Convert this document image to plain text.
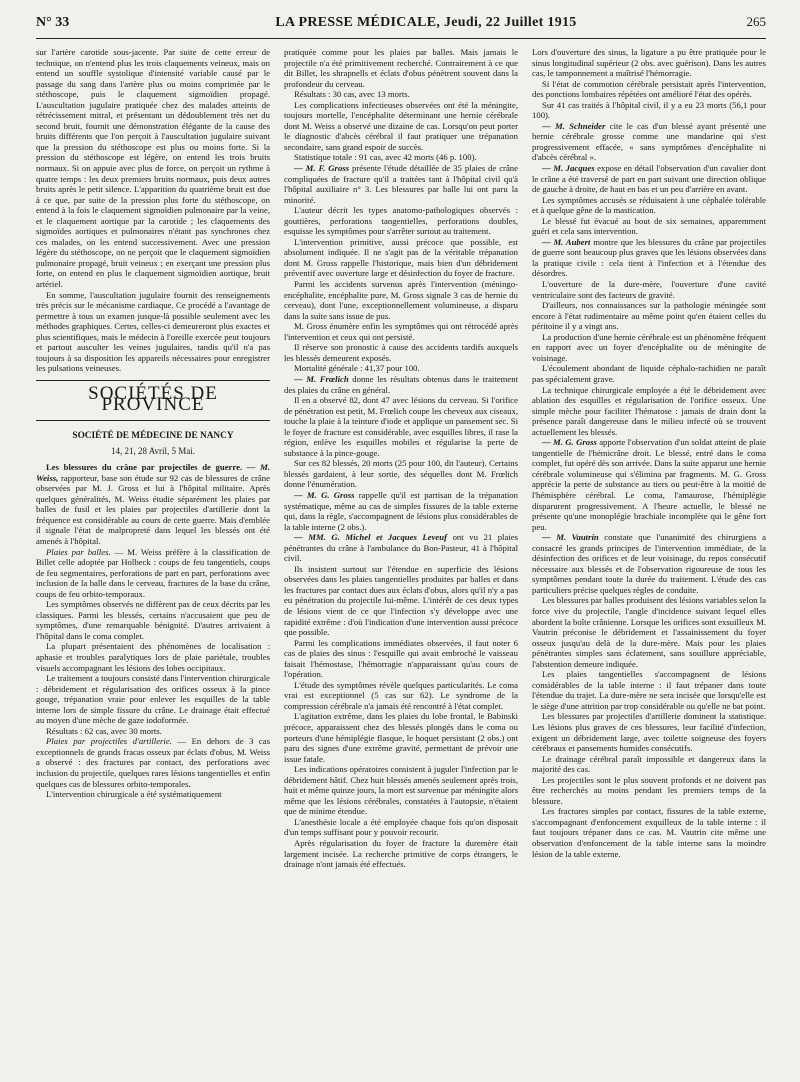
N° 33	LA PRESSE MÉDICALE, Jeudi, 22 Juillet 1915	265

sur l'artère carotide sous-jacente. Par suite de cette erreur de technique, on n'entend plus les trois claquements veineux, mais on entend un souffle systolique d'intensité variable causé par le passage du sang dans l'artère plus ou moins comprimée par le stéthoscope, puis le claquement sigmoïdien propagé. L'auscultation jugulaire pratiquée chez des malades atteints de rétrécissement mitral, et présentant un dédoublement très net du second bruit, fournit une démonstration élégante de la cause des bruits différents que l'on perçoit à l'auscultation jugulaire suivant que la pression du stéthoscope est plus ou moins forte. Si la pression du stéthoscope est légère, on entend les trois bruits normaux. Si on appuie avec plus de force, on perçoit un rythme à quatre temps : les deux premiers bruits normaux, puis deux autres bruits après le petit silence. L'apparition du quatrième bruit est due à ce que, par suite de la pression plus forte du stéthoscope, on entend à la fois le claquement sigmoïdien pulmonaire par la veine, et le claquement aortique par la carotide ; les claquements des sigmoïdes aortiques et pulmonaires n'étant pas synchrones chez ces malades, on les entend successivement. Avec une pression légère du stéthoscope, on ne perçoit que le claquement sigmoïdien pulmonaire propagé, bruit veineux ; en exerçant une pression plus forte, on entend en plus le claquement sigmoïdien aortique, bruit artériel.

En somme, l'auscultation jugulaire fournit des renseignements très précis sur le mécanisme cardiaque. Ce procédé a l'avantage de permettre à tous un examen jusque-là possible seulement avec les méthodes graphiques. Certes, celles-ci demeureront plus exactes et plus scientifiques, mais le médecin à l'oreille exercée peut toujours et partout ausculter les veines jugulaires, tandis qu'il n'a pas toujours à sa disposition les appareils nécessaires pour enregistrer les pulsations veineuses.

SOCIÉTÉS DE PROVINCE
SOCIÉTÉ DE MÉDECINE DE NANCY
14, 21, 28 Avril, 5 Mai.

Les blessures du crâne par projectiles de guerre. — M. Weiss, rapporteur, base son étude sur 92 cas de blessures de crâne observées par M. J. Gross et lui à l'hôpital militaire. Après quelques généralités, M. Weiss étudie séparément les plaies par balles de fusil et les plaies par projectiles d'artillerie dont la fréquence est considérable au cours de cette guerre. Mais d'emblée il signale l'état de malpropreté dans lequel les blessés ont été amenés à l'hôpital.

Plaies par balles. — M. Weiss préfère à la classification de Billet celle adoptée par Holbeck : coups de feu tangentiels, coups de feu segmentaires, perforations de part en part, perforations avec inclusion de la balle dans le cerveau, fractures de la base du crâne, coups de feu orbito-temporaux.

Les symptômes observés ne diffèrent pas de ceux décrits par les classiques. Parmi les blessés, certains n'accusaient que peu de symptômes, d'une remarquable bénignité. D'autres arrivaient à l'hôpital dans le coma complet.

La plupart présentaient des phénomènes de localisation : aphasie et troubles paralytiques lors de plaie pariétale, troubles visuels accompagnant les lésions des lobes occipitaux.

Le traitement a toujours consisté dans l'intervention chirurgicale : débridement et régularisation des orifices osseux à la pince gouge, trépanation vraie pour enlever les esquilles de la table interne lors de simple fissure du crâne. Le drainage était effectué au moyen d'une mèche de gaze iodoformée.

Résultats : 62 cas, avec 30 morts.

Plaies par projectiles d'artillerie. — En dehors de 3 cas exceptionnels de grands fracas osseux par éclats d'obus, M. Weiss a observé : des fractures par contact, des perforations avec inclusion du projectile, quelques rares lésions tangentielles et enfin quelques cas de blessures orbito-temporales.

L'intervention chirurgicale a été systématiquement

pratiquée comme pour les plaies par balles. Mais jamais le projectile n'a été primitivement recherché. Contrairement à ce que dit Billet, les shrapnells et éclats d'obus pénètrent souvent dans la profondeur du cerveau.

Résultats : 30 cas, avec 13 morts.

Les complications infectieuses observées ont été la méningite, toujours mortelle, l'encéphalite déterminant une hernie cérébrale dont M. Weiss a observé une dizaine de cas. Lorsqu'on peut porter le diagnostic d'abcès cérébral il faut pratiquer une trépanation secondaire, sans grand espoir de succès.

Statistique totale : 91 cas, avec 42 morts (46 p. 100).

— M. F. Gross présente l'étude détaillée de 35 plaies de crâne compliquées de fracture qu'il a traitées tant à l'hôpital civil qu'à l'hôpital auxiliaire n° 3. Les blessures par balle lui ont paru la minorité.

L'auteur décrit les types anatomo-pathologiques observés : gouttières, perforations tangentielles, perforations doubles, esquisse les symptômes pour s'arrêter surtout au traitement.

L'intervention primitive, aussi précoce que possible, est absolument indiquée. Il ne s'agit pas de la véritable trépanation dont M. Gross rappelle l'historique, mais bien d'un débridement préventif avec ouverture large et désinfection du foyer de fracture.

Parmi les accidents survenus après l'intervention (méningo-encéphalite, encéphalite pure, M. Gross signale 3 cas de hernie du cerveau), dont l'une, exceptionnellement volumineuse, a disparu dans la suite sans issue de pus.

M. Gross énumère enfin les symptômes qui ont rétrocédé après l'intervention et ceux qui ont persisté.

Il réserve son pronostic à cause des accidents tardifs auxquels les blessés demeurent exposés.

Mortalité générale : 41,37 pour 100.

— M. Frœlich donne les résultats obtenus dans le traitement des plaies du crâne en général.

Il en a observé 82, dont 47 avec lésions du cerveau. Si l'orifice de pénétration est petit, M. Frœlich coupe les cheveux aux ciseaux, touche la plaie à la teinture d'iode et applique un pansement sec. Si le foyer de fracture est considérable, avec esquilles libres, il rase la région, enlève les esquilles mobiles et régularise la perte de substance à la pince-gouge.

Sur ces 82 blessés, 20 morts (25 pour 100, dit l'auteur). Certains blessés gardaient, à leur sortie, des séquelles dont M. Frœlich donne l'énumération.

— M. G. Gross rappelle qu'il est partisan de la trépanation systématique, même au cas de simples fissures de la table externe qui, dans la règle, s'accompagnent de lésions plus considérables de la table interne (2 obs.).

— MM. G. Michel et Jacques Leveuf ont vu 21 plaies pénétrantes du crâne à l'ambulance du Bon-Pasteur, 41 à l'hôpital civil.

Ils insistent surtout sur l'étendue en superficie des lésions observées dans les plaies tangentielles produites par balles et dans les fractures par contact dues aux éclats d'obus, alors qu'il n'y a pas eu pénétration du projectile lui-même. L'intérêt de ces deux types de lésions vient de ce que l'infection s'y développe avec une rapidité extrême : d'où l'indication d'une intervention aussi précoce que possible.

Parmi les complications immédiates observées, il faut noter 6 cas de plaies des sinus : l'esquille qui avait embroché le vaisseau faisait l'hémostase, l'hémorragie n'apparaissant qu'au cours de l'opération.

L'étude des symptômes révèle quelques particularités. Le coma vrai est exceptionnel (5 cas sur 62). Le syndrome de la compression cérébrale n'a jamais été rencontré à l'état complet.

L'agitation extrême, dans les plaies du lobe frontal, le Babinski précoce, apparaissent chez des blessés plongés dans le coma ou porteurs d'une hémiplégie flasque, le hoquet persistant (2 obs.) ont paru des signes d'une extrême gravité, permettant de prévoir une issue fatale.

Les indications opératoires consistent à juguler l'infection par le débridement hâtif. Chez huit blessés amenés seulement après trois, huit et même quinze jours, la mort est survenue par méningite alors même que les lésions cérébrales, constatées à l'autopsie, n'étaient que de minime étendue.

L'anesthésie locale a été employée chaque fois qu'on disposait d'un temps suffisant pour y pouvoir recourir.

Après régularisation du foyer de fracture la duremère était largement incisée. La recherche primitive de corps étrangers, le drainage n'ont jamais été effectués.

Lors d'ouverture des sinus, la ligature a pu être pratiquée pour le sinus longitudinal supérieur (2 obs. avec guérison). Dans les autres cas, le tamponnement a maîtrisé l'hémorragie.

Si l'état de commotion cérébrale persistait après l'intervention, des ponctions lombaires répétées ont amélioré l'état des opérés.

Sur 41 cas traités à l'hôpital civil, il y a eu 23 morts (56,1 pour 100).

— M. Schneider cite le cas d'un blessé ayant présenté une hernie cérébrale grosse comme une mandarine qui s'est progressivement effacée, « sans symptômes d'encéphalite ni d'abcès cérébral ».

— M. Jacques expose en détail l'observation d'un cavalier dont le crâne a été traversé de part en part suivant une direction oblique de gauche à droite, de haut en bas et un peu d'arrière en avant.

Les symptômes accusés se réduisaient à une céphalée tolérable et à quelque gêne de la mastication.

Le blessé fut évacué au bout de six semaines, apparemment guéri et cela sans intervention.

— M. Aubert montre que les blessures du crâne par projectiles de guerre sont beaucoup plus graves que les lésions observées dans la pratique civile : cela tient à l'infection et à l'étendue des désordres.

L'ouverture de la dure-mère, l'ouverture d'une cavité ventriculaire sont des facteurs de gravité.

D'ailleurs, nos connaissances sur la pathologie méningée sont encore à l'état rudimentaire au même point qu'en étaient celles du péritoine il y a vingt ans.

La production d'une hernie cérébrale est un phénomène fréquent en rapport avec un foyer d'encéphalite ou de méningite de voisinage.

L'écoulement abondant de liquide céphalo-rachidien ne paraît pas spécialement grave.

La technique chirurgicale employée a été le débridement avec ablation des esquilles et régularisation de l'orifice osseux. Une simple mèche pour faciliter l'hématose : jamais de drain dont la présence paraît dangereuse dans le milieu infecté où se trouvent actuellement les blessés.

— M. G. Gross apporte l'observation d'un soldat atteint de plaie tangentielle de l'hémicrâne droit. Le blessé, entré dans le coma complet, fut opéré dès son arrivée. Dans la suite apparut une hernie cérébrale volumineuse qui s'élimina par fragments. M. G. Gross apprécie la perte de substance au tiers ou peut-être à la moitié de l'hémisphère cérébral. Le coma, l'amaurose, l'hémiplégie disparurent progressivement. A l'heure actuelle, le blessé ne présente qu'une monoplégie brachiale incomplète qui le gêne fort peu.

— M. Vautrin constate que l'unanimité des chirurgiens a consacré les grands principes de l'intervention immédiate, de la désinfection des orifices et de leur voisinage, du repos consécutif nécessaire aux blessés et de l'observation rigoureuse de tous les symptômes pendant toute la durée du traitement. L'étude des cas particuliers précise quelques règles de conduite.

Les blessures par balles produisent des lésions variables selon la force vive du projectile, l'angle d'incidence suivant lequel elles abordent la boîte crânienne. Lorsque les orifices sont exsuilleux M. Vautrin préconise le débridement et l'assainissement du foyer osseux jusqu'au delà de la dure-mère. Mais pour les plaies pénétrantes simples sans éclatement, sans souillure appréciable, l'abstention demeure indiquée.

Les plaies tangentielles s'accompagnent de lésions considérables de la table interne : il faut trépaner dans toute l'étendue du trajet. La dure-mère ne sera incisée que lorsqu'elle est le siège d'une attrition par trop considérable ou qu'elle ne bat point.

Les blessures par projectiles d'artillerie dominent la statistique. Les lésions plus graves de ces blessures, leur facilité d'infection, exigent un débridement large, avec toilette soigneuse des foyers cérébraux et pansements humides consécutifs.

Le drainage cérébral paraît impossible et dangereux dans la majorité des cas.

Les projectiles sont le plus souvent profonds et ne doivent pas être recherchés au moins pendant les premiers temps de la blessure.

Les fractures simples par contact, fissures de la table externe, s'accompagnant d'enfoncement exquilleux de la table interne : il faut toujours trépaner dans ce cas. M. Vautrin cite même une observation d'enfoncement de la table interne sans la moindre lésion de la table externe.
